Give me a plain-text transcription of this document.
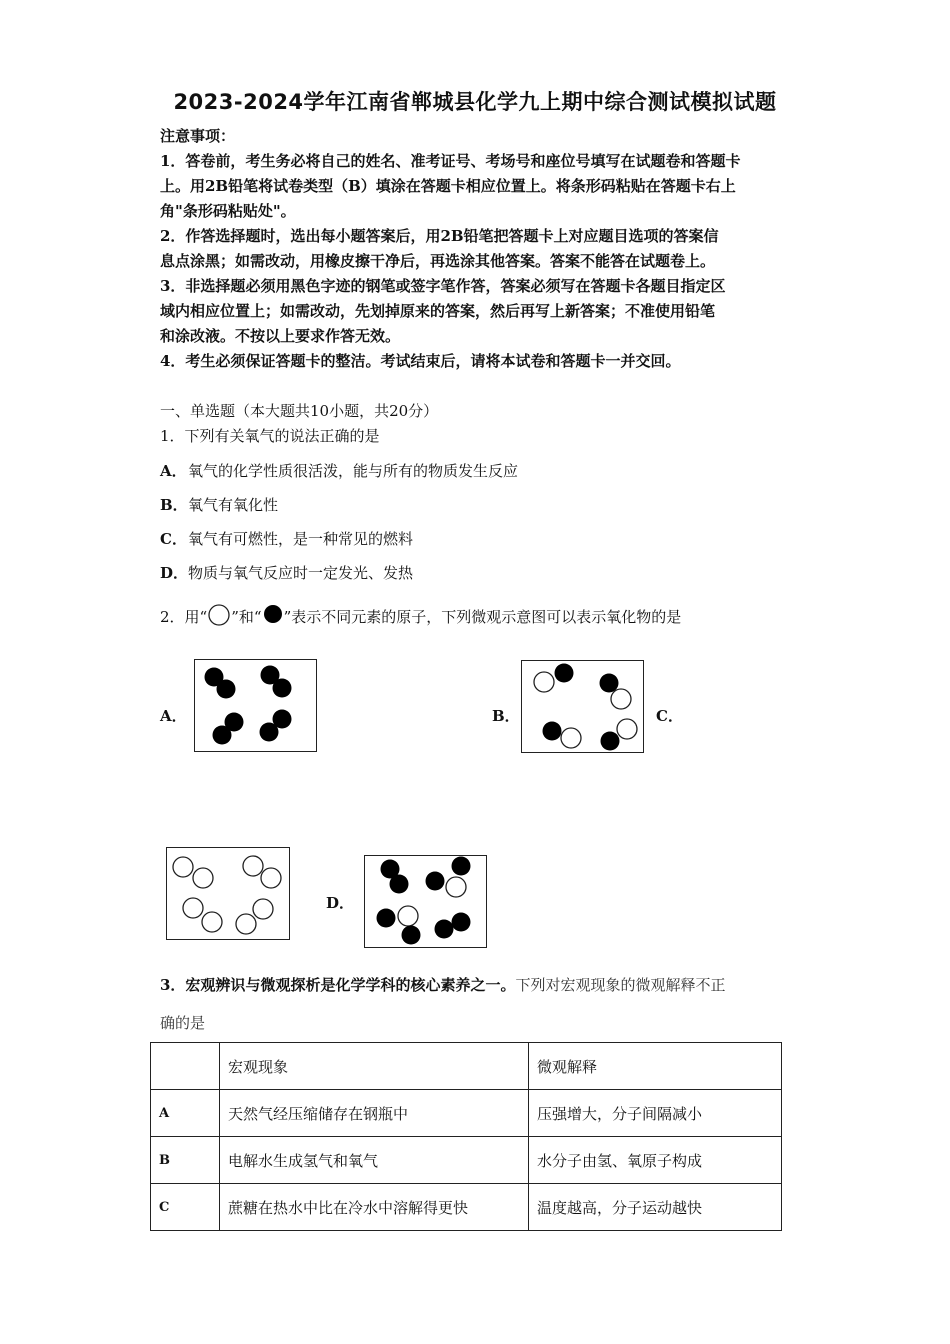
2023-2024学年江南省郸城县化学九上期中综合测试模拟试题
注意事项：
1．答卷前，考生务必将自己的姓名、准考证号、考场号和座位号填写在试题卷和答题卡
上。用2B铅笔将试卷类型（B）填涂在答题卡相应位置上。将条形码粘贴在答题卡右上
角"条形码粘贴处"。
2．作答选择题时，选出每小题答案后，用2B铅笔把答题卡上对应题目选项的答案信
息点涂黑；如需改动，用橡皮擦干净后，再选涂其他答案。答案不能答在试题卷上。
3．非选择题必须用黑色字迹的钢笔或签字笔作答，答案必须写在答题卡各题目指定区
域内相应位置上；如需改动，先划掉原来的答案，然后再写上新答案；不准使用铅笔
和涂改液。不按以上要求作答无效。
4．考生必须保证答题卡的整洁。考试结束后，请将本试卷和答题卡一并交回。
一、单选题（本大题共10小题，共20分）
1．下列有关氧气的说法正确的是
A．氧气的化学性质很活泼，能与所有的物质发生反应
B．氧气有氧化性
C．氧气有可燃性，是一种常见的燃料
D．物质与氧气反应时一定发光、发热
2．用“ ”和“ ”表示不同元素的原子，下列微观示意图可以表示氧化物的是
A．	B．	C．
D．
3．宏观辨识与微观探析是化学学科的核心素养之一。下列对宏观现象的微观解释不正
确的是
	宏观现象	微观解释
A	天然气经压缩储存在钢瓶中	压强增大，分子间隔减小
B	电解水生成氢气和氧气	水分子由氢、氧原子构成
C	蔗糖在热水中比在冷水中溶解得更快	温度越高，分子运动越快
